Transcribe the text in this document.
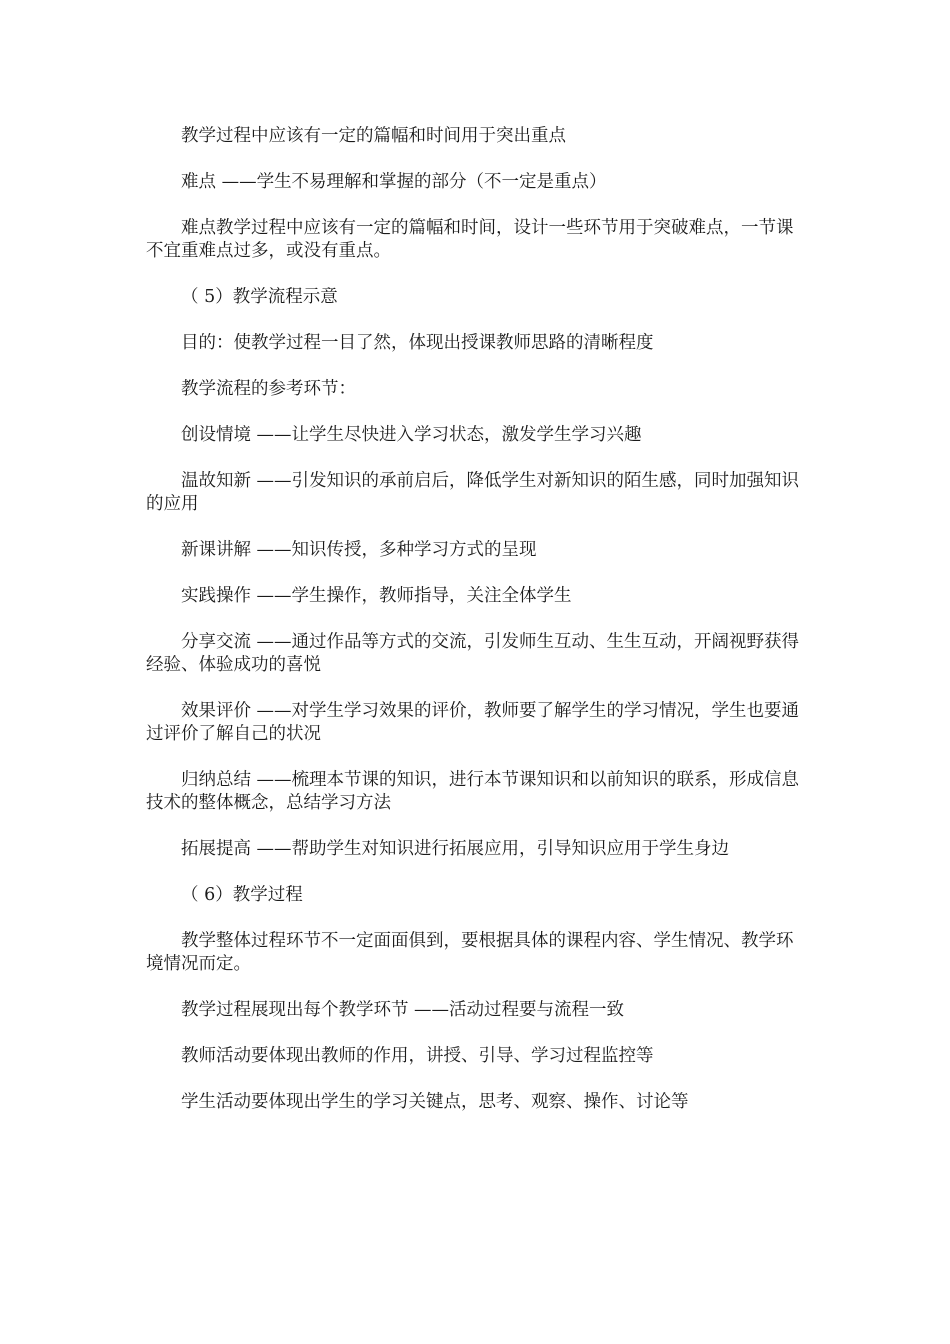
教学过程中应该有一定的篇幅和时间用于突出重点

难点 ——学生不易理解和掌握的部分（不一定是重点）

难点教学过程中应该有一定的篇幅和时间，设计一些环节用于突破难点，一节课不宜重难点过多，或没有重点。

（ 5）教学流程示意

目的：使教学过程一目了然，体现出授课教师思路的清晰程度

教学流程的参考环节：

创设情境 ——让学生尽快进入学习状态，激发学生学习兴趣

温故知新 ——引发知识的承前启后，降低学生对新知识的陌生感，同时加强知识的应用

新课讲解 ——知识传授，多种学习方式的呈现

实践操作 ——学生操作，教师指导，关注全体学生

分享交流 ——通过作品等方式的交流，引发师生互动、生生互动，开阔视野获得经验、体验成功的喜悦

效果评价 ——对学生学习效果的评价，教师要了解学生的学习情况，学生也要通过评价了解自己的状况

归纳总结 ——梳理本节课的知识，进行本节课知识和以前知识的联系，形成信息技术的整体概念，总结学习方法

拓展提高 ——帮助学生对知识进行拓展应用，引导知识应用于学生身边

（ 6）教学过程

教学整体过程环节不一定面面俱到，要根据具体的课程内容、学生情况、教学环境情况而定。

教学过程展现出每个教学环节 ——活动过程要与流程一致

教师活动要体现出教师的作用，讲授、引导、学习过程监控等

学生活动要体现出学生的学习关键点，思考、观察、操作、讨论等
